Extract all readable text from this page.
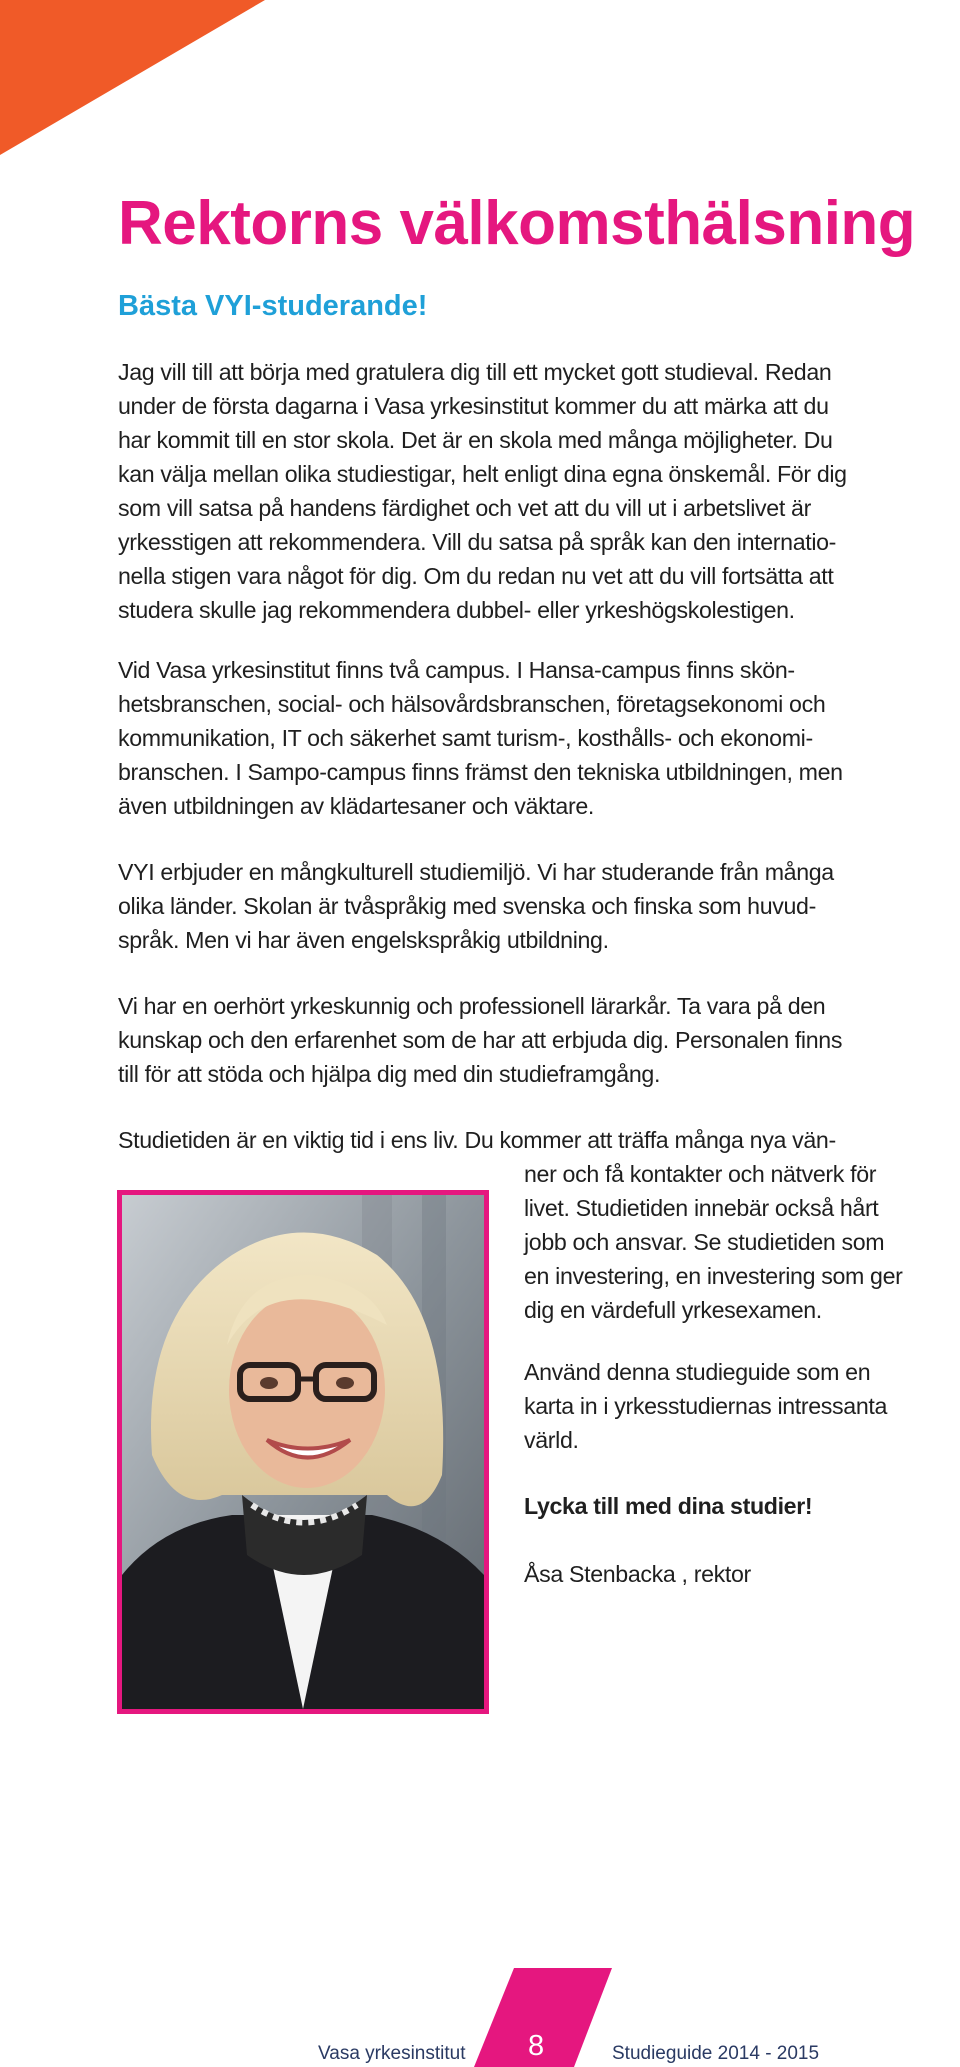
Rektorns välkomsthälsning
Bästa VYI-studerande!

Jag vill till att börja med gratulera dig till ett mycket gott studieval. Redan
under de första dagarna i Vasa yrkesinstitut kommer du att märka att du
har kommit till en stor skola. Det är en skola med många möjligheter. Du
kan välja mellan olika studiestigar, helt enligt dina egna önskemål. För dig
som vill satsa på handens färdighet och vet att du vill ut i arbetslivet är
yrkesstigen att rekommendera. Vill du satsa på språk kan den internatio-
nella stigen vara något för dig. Om du redan nu vet att du vill fortsätta att
studera skulle jag rekommendera dubbel- eller yrkeshögskolestigen.

Vid Vasa yrkesinstitut finns två campus. I Hansa-campus finns skön-
hetsbranschen, social- och hälsovårdsbranschen, företagsekonomi och
kommunikation, IT och säkerhet samt turism-, kosthålls- och ekonomi-
branschen. I Sampo-campus finns främst den tekniska utbildningen, men
även utbildningen av klädartesaner och väktare.

VYI erbjuder en mångkulturell studiemiljö. Vi har studerande från många
olika länder. Skolan är tvåspråkig med svenska och finska som huvud-
språk. Men vi har även engelskspråkig utbildning.

Vi har en oerhört yrkeskunnig och professionell lärarkår. Ta vara på den
kunskap och den erfarenhet som de har att erbjuda dig. Personalen finns
till för att stöda och hjälpa dig med din studieframgång.

Studietiden är en viktig tid i ens liv. Du kommer att träffa många nya vän-

ner och få kontakter och nätverk för
livet. Studietiden innebär också hårt
jobb och ansvar. Se studietiden som
en investering, en investering som ger
dig en värdefull yrkesexamen.

Använd denna studieguide som en
karta in i yrkesstudiernas intressanta
värld.

Lycka till med dina studier!

Åsa Stenbacka , rektor

Vasa yrkesinstitut 8	Studieguide 2014 - 2015
